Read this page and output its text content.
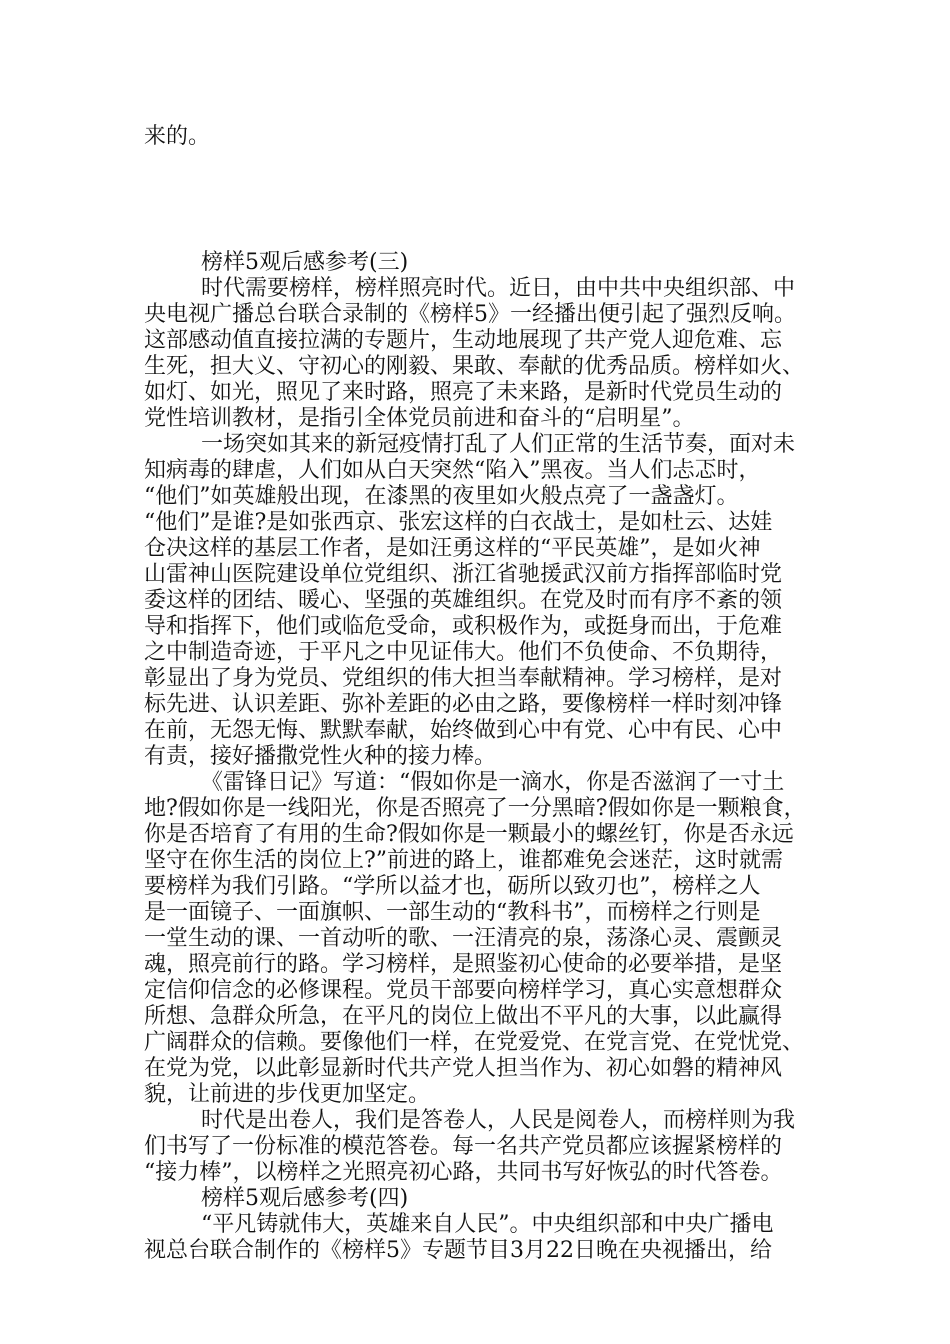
来的。
榜样5观后感参考(三)
时代需要榜样，榜样照亮时代。近日，由中共中央组织部、中
央电视广播总台联合录制的《榜样5》一经播出便引起了强烈反响。
这部感动值直接拉满的专题片，生动地展现了共产党人迎危难、忘
生死，担大义、守初心的刚毅、果敢、奉献的优秀品质。榜样如火、
如灯、如光，照见了来时路，照亮了未来路，是新时代党员生动的
党性培训教材，是指引全体党员前进和奋斗的“启明星”。
一场突如其来的新冠疫情打乱了人们正常的生活节奏，面对未
知病毒的肆虐，人们如从白天突然“陷入”黑夜。当人们忐忑时，
“他们”如英雄般出现，在漆黑的夜里如火般点亮了一盏盏灯。
“他们”是谁?是如张西京、张宏这样的白衣战士，是如杜云、达娃
仓决这样的基层工作者，是如汪勇这样的“平民英雄”，是如火神
山雷神山医院建设单位党组织、浙江省驰援武汉前方指挥部临时党
委这样的团结、暖心、坚强的英雄组织。在党及时而有序不紊的领
导和指挥下，他们或临危受命，或积极作为，或挺身而出，于危难
之中制造奇迹，于平凡之中见证伟大。他们不负使命、不负期待，
彰显出了身为党员、党组织的伟大担当奉献精神。学习榜样，是对
标先进、认识差距、弥补差距的必由之路，要像榜样一样时刻冲锋
在前，无怨无悔、默默奉献，始终做到心中有党、心中有民、心中
有责，接好播撒党性火种的接力棒。
《雷锋日记》写道：“假如你是一滴水，你是否滋润了一寸土
地?假如你是一线阳光，你是否照亮了一分黑暗?假如你是一颗粮食，
你是否培育了有用的生命?假如你是一颗最小的螺丝钉，你是否永远
坚守在你生活的岗位上?”前进的路上，谁都难免会迷茫，这时就需
要榜样为我们引路。“学所以益才也，砺所以致刃也”，榜样之人
是一面镜子、一面旗帜、一部生动的“教科书”，而榜样之行则是
一堂生动的课、一首动听的歌、一汪清亮的泉，荡涤心灵、震颤灵
魂，照亮前行的路。学习榜样，是照鉴初心使命的必要举措，是坚
定信仰信念的必修课程。党员干部要向榜样学习，真心实意想群众
所想、急群众所急，在平凡的岗位上做出不平凡的大事，以此赢得
广阔群众的信赖。要像他们一样，在党爱党、在党言党、在党忧党、
在党为党，以此彰显新时代共产党人担当作为、初心如磐的精神风
貌，让前进的步伐更加坚定。
时代是出卷人，我们是答卷人，人民是阅卷人，而榜样则为我
们书写了一份标准的模范答卷。每一名共产党员都应该握紧榜样的
“接力棒”，以榜样之光照亮初心路，共同书写好恢弘的时代答卷。
榜样5观后感参考(四)
“平凡铸就伟大，英雄来自人民”。中央组织部和中央广播电
视总台联合制作的《榜样5》专题节目3月22日晚在央视播出，给
